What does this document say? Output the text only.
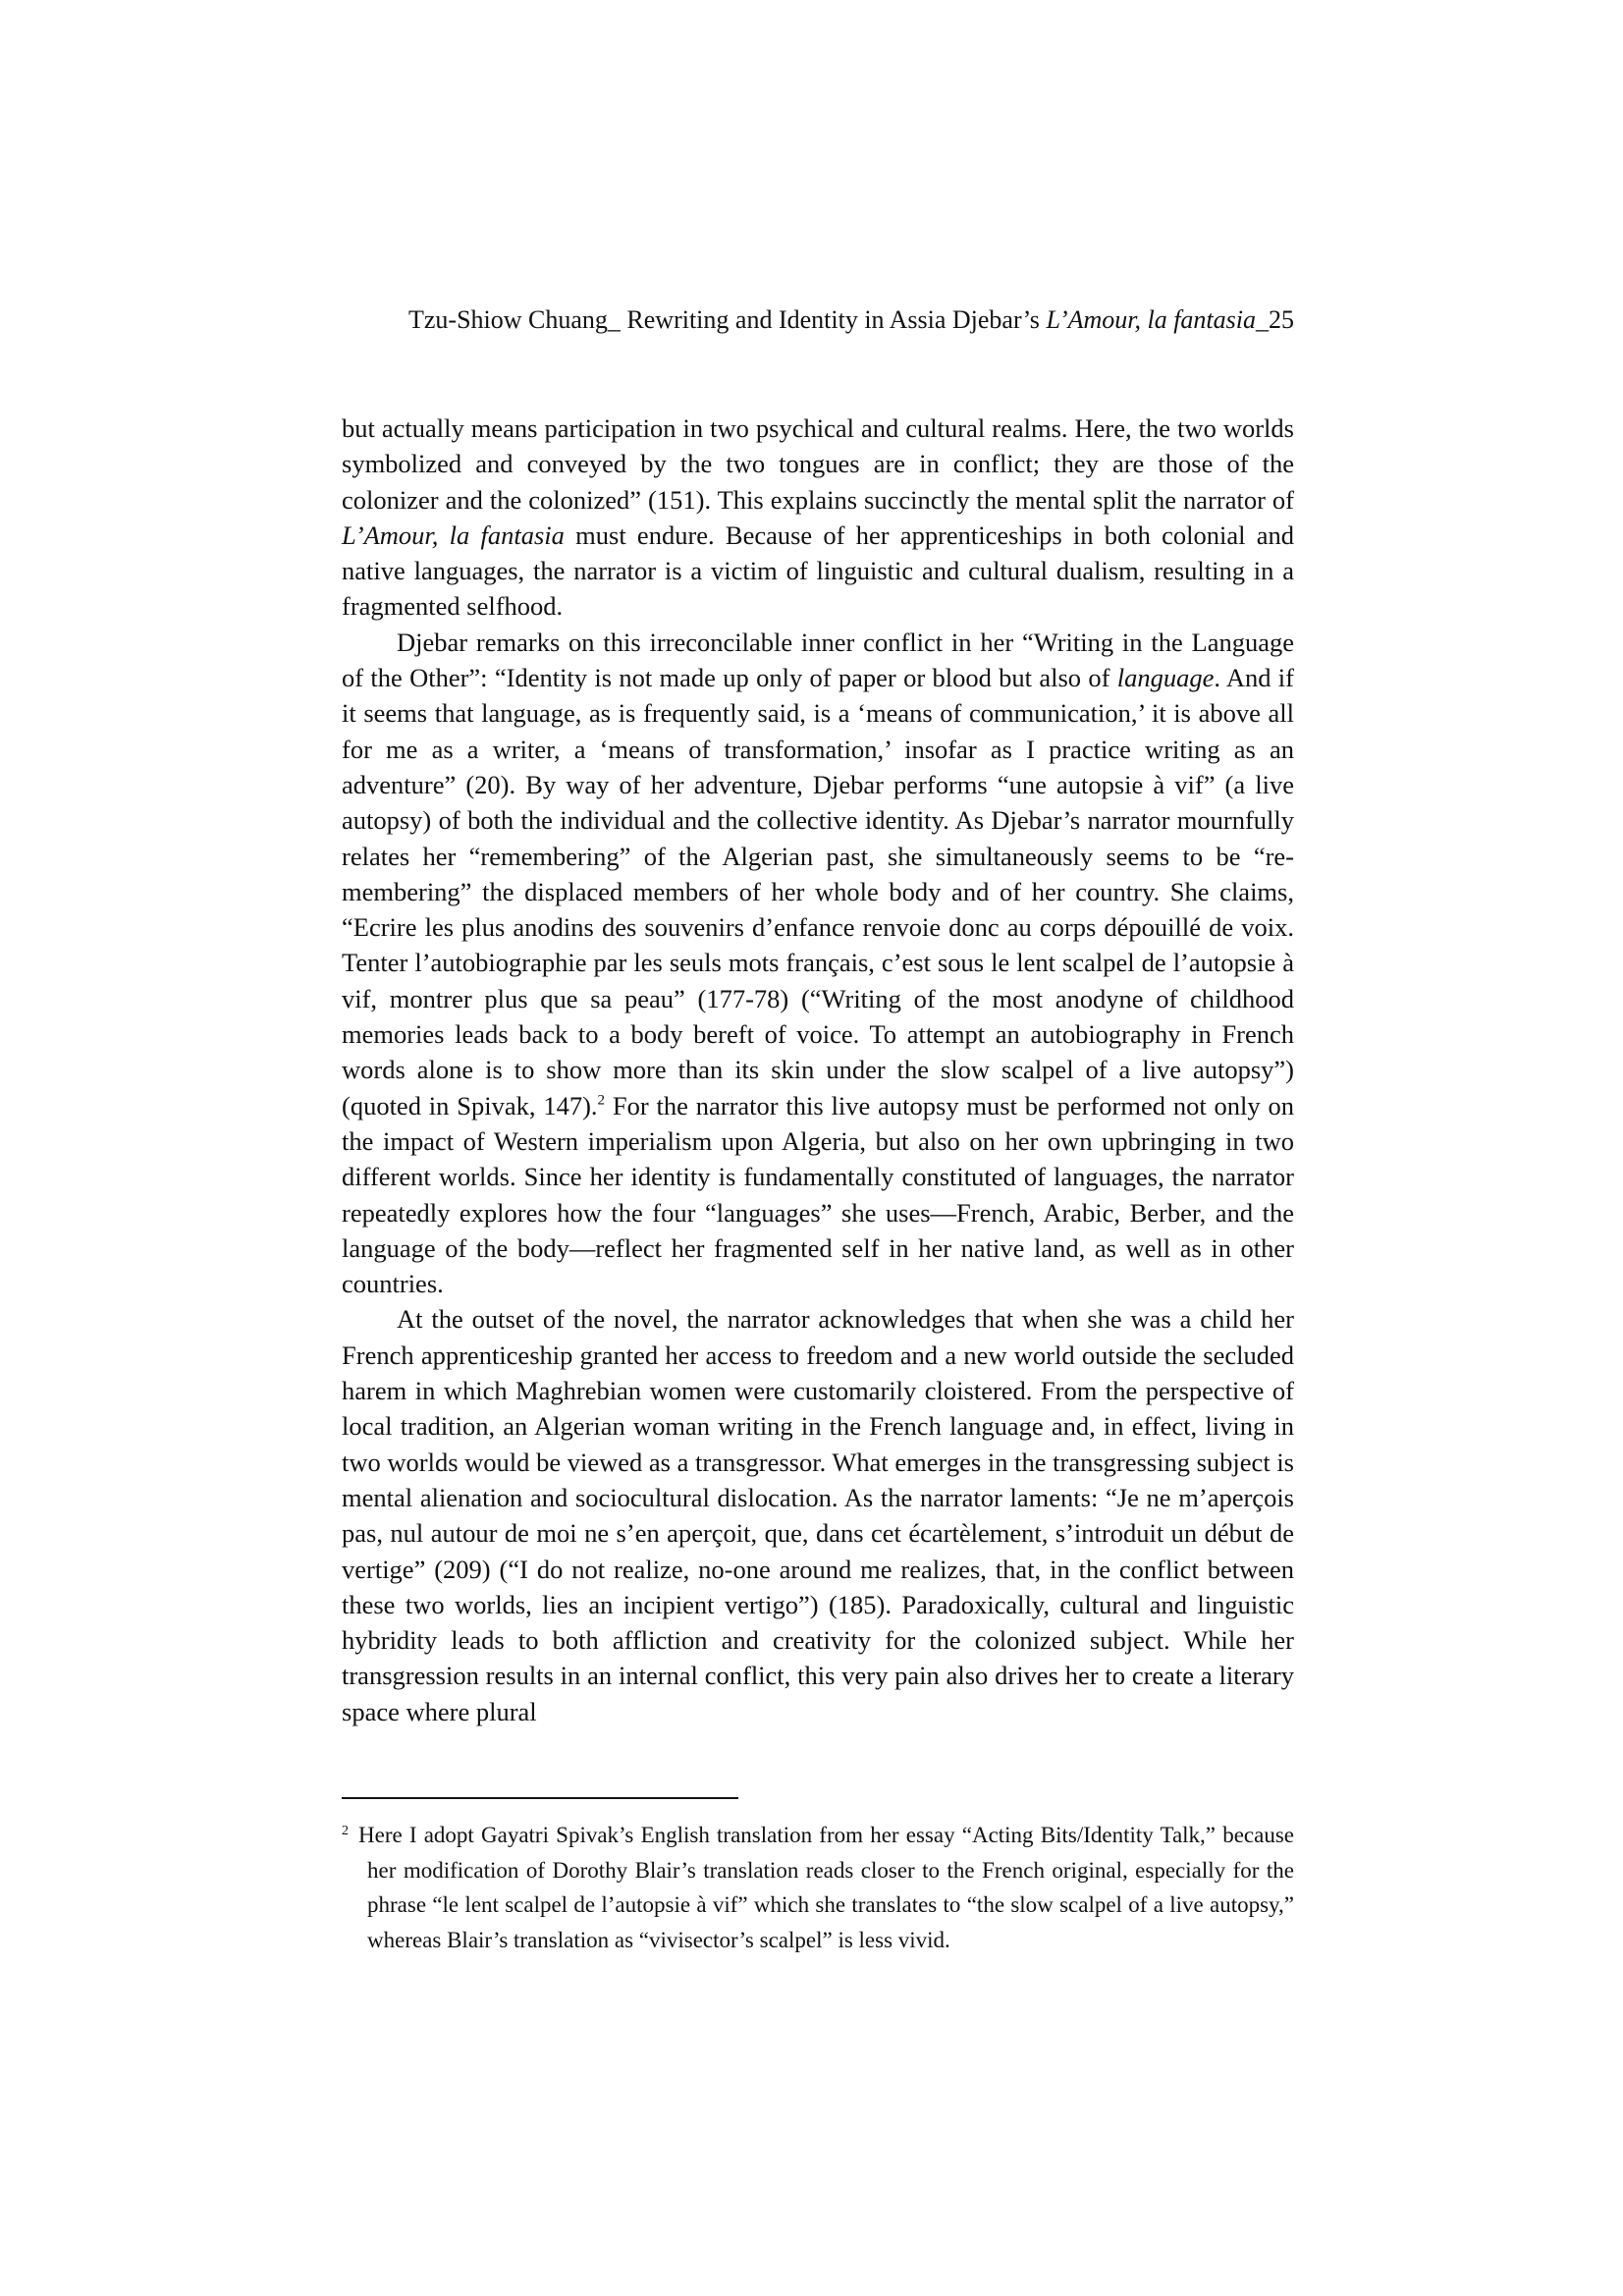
Tzu-Shiow Chuang_ Rewriting and Identity in Assia Djebar’s L’Amour, la fantasia_25

but actually means participation in two psychical and cultural realms. Here, the two worlds symbolized and conveyed by the two tongues are in conflict; they are those of the colonizer and the colonized” (151). This explains succinctly the mental split the narrator of L’Amour, la fantasia must endure. Because of her apprenticeships in both colonial and native languages, the narrator is a victim of linguistic and cultural dualism, resulting in a fragmented selfhood.

Djebar remarks on this irreconcilable inner conflict in her “Writing in the Language of the Other”: “Identity is not made up only of paper or blood but also of language. And if it seems that language, as is frequently said, is a ‘means of communication,’ it is above all for me as a writer, a ‘means of transformation,’ insofar as I practice writing as an adventure” (20). By way of her adventure, Djebar performs “une autopsie à vif” (a live autopsy) of both the individual and the collective identity. As Djebar’s narrator mournfully relates her “remembering” of the Algerian past, she simultaneously seems to be “re-membering” the displaced members of her whole body and of her country. She claims, “Ecrire les plus anodins des souvenirs d’enfance renvoie donc au corps dépouillé de voix. Tenter l’autobiographie par les seuls mots français, c’est sous le lent scalpel de l’autopsie à vif, montrer plus que sa peau” (177-78) (“Writing of the most anodyne of childhood memories leads back to a body bereft of voice. To attempt an autobiography in French words alone is to show more than its skin under the slow scalpel of a live autopsy”) (quoted in Spivak, 147).$^2$ For the narrator this live autopsy must be performed not only on the impact of Western imperialism upon Algeria, but also on her own upbringing in two different worlds. Since her identity is fundamentally constituted of languages, the narrator repeatedly explores how the four “languages” she uses—French, Arabic, Berber, and the language of the body—reflect her fragmented self in her native land, as well as in other countries.

At the outset of the novel, the narrator acknowledges that when she was a child her French apprenticeship granted her access to freedom and a new world outside the secluded harem in which Maghrebian women were customarily cloistered. From the perspective of local tradition, an Algerian woman writing in the French language and, in effect, living in two worlds would be viewed as a transgressor. What emerges in the transgressing subject is mental alienation and sociocultural dislocation. As the narrator laments: “Je ne m’aperçois pas, nul autour de moi ne s’en aperçoit, que, dans cet écartèlement, s’introduit un début de vertige” (209) (“I do not realize, no-one around me realizes, that, in the conflict between these two worlds, lies an incipient vertigo”) (185). Paradoxically, cultural and linguistic hybridity leads to both affliction and creativity for the colonized subject. While her transgression results in an internal conflict, this very pain also drives her to create a literary space where plural

$^2$ Here I adopt Gayatri Spivak’s English translation from her essay “Acting Bits/Identity Talk,” because her modification of Dorothy Blair’s translation reads closer to the French original, especially for the phrase “le lent scalpel de l’autopsie à vif” which she translates to “the slow scalpel of a live autopsy,” whereas Blair’s translation as “vivisector’s scalpel” is less vivid.
